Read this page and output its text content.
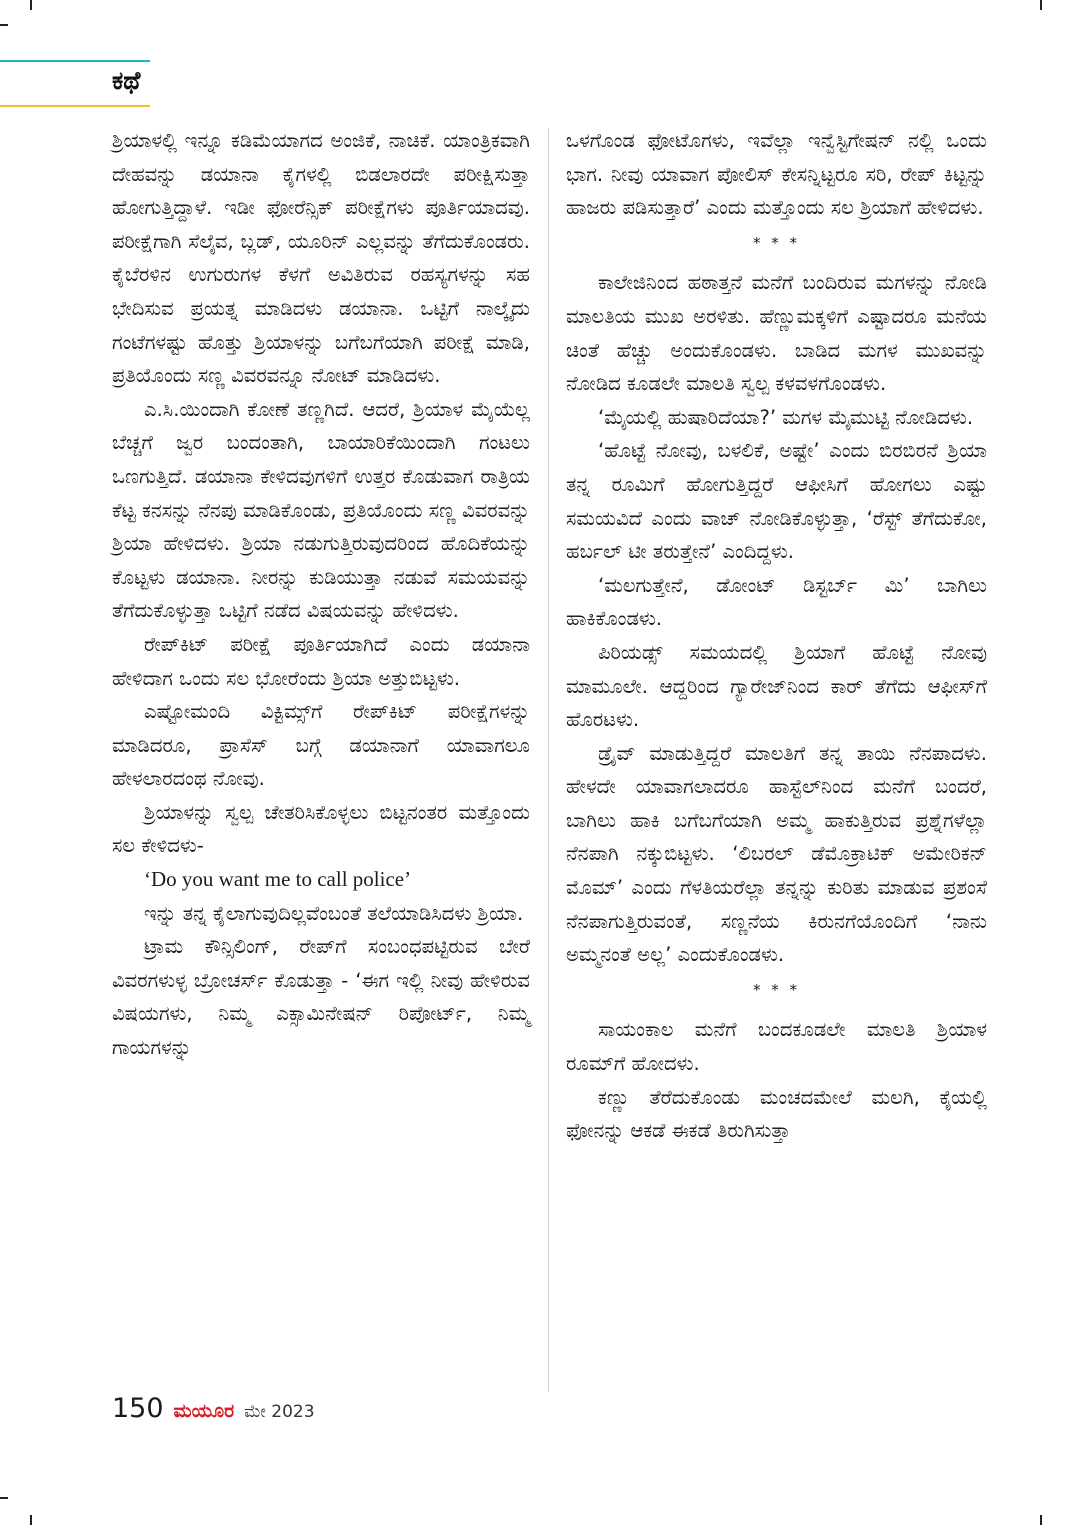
ಕಥೆ

ಶ್ರಿಯಾಳಲ್ಲಿ ಇನ್ನೂ ಕಡಿಮೆಯಾಗದ ಅಂಜಿಕೆ, ನಾಚಿಕೆ. ಯಾಂತ್ರಿಕವಾಗಿ ದೇಹವನ್ನು ಡಯಾನಾ ಕೈಗಳಲ್ಲಿ ಬಿಡಲಾರದೇ ಪರೀಕ್ಷಿಸುತ್ತಾ ಹೋಗುತ್ತಿದ್ದಾಳೆ. ಇಡೀ ಫೋರೆನ್ಸಿಕ್ ಪರೀಕ್ಷೆಗಳು ಪೂರ್ತಿಯಾದವು. ಪರೀಕ್ಷೆಗಾಗಿ ಸೆಲೈವ, ಬ್ಲಡ್, ಯೂರಿನ್ ಎಲ್ಲವನ್ನು ತೆಗೆದುಕೊಂಡರು. ಕೈಬೆರಳಿನ ಉಗುರುಗಳ ಕೆಳಗೆ ಅವಿತಿರುವ ರಹಸ್ಯಗಳನ್ನು ಸಹ ಭೇದಿಸುವ ಪ್ರಯತ್ನ ಮಾಡಿದಳು ಡಯಾನಾ. ಒಟ್ಟಿಗೆ ನಾಲ್ಕೈದು ಗಂಟೆಗಳಷ್ಟು ಹೊತ್ತು ಶ್ರಿಯಾಳನ್ನು ಬಗೆಬಗೆಯಾಗಿ ಪರೀಕ್ಷೆ ಮಾಡಿ, ಪ್ರತಿಯೊಂದು ಸಣ್ಣ ವಿವರವನ್ನೂ ನೋಟ್ ಮಾಡಿದಳು.

ಎ.ಸಿ.ಯಿಂದಾಗಿ ಕೋಣೆ ತಣ್ಣಗಿದೆ. ಆದರೆ, ಶ್ರಿಯಾಳ ಮೈಯೆಲ್ಲ ಬೆಚ್ಚಗೆ ಜ್ವರ ಬಂದಂತಾಗಿ, ಬಾಯಾರಿಕೆಯಿಂದಾಗಿ ಗಂಟಲು ಒಣಗುತ್ತಿದೆ. ಡಯಾನಾ ಕೇಳಿದವುಗಳಿಗೆ ಉತ್ತರ ಕೊಡುವಾಗ ರಾತ್ರಿಯ ಕೆಟ್ಟ ಕನಸನ್ನು ನೆನಪು ಮಾಡಿಕೊಂಡು, ಪ್ರತಿಯೊಂದು ಸಣ್ಣ ವಿವರವನ್ನು ಶ್ರಿಯಾ ಹೇಳಿದಳು. ಶ್ರಿಯಾ ನಡುಗುತ್ತಿರುವುದರಿಂದ ಹೊದಿಕೆಯನ್ನು ಕೊಟ್ಟಳು ಡಯಾನಾ. ನೀರನ್ನು ಕುಡಿಯುತ್ತಾ ನಡುವೆ ಸಮಯವನ್ನು ತೆಗೆದುಕೊಳ್ಳುತ್ತಾ ಒಟ್ಟಿಗೆ ನಡೆದ ವಿಷಯವನ್ನು ಹೇಳಿದಳು.

ರೇಪ್‌ಕಿಟ್ ಪರೀಕ್ಷೆ ಪೂರ್ತಿಯಾಗಿದೆ ಎಂದು ಡಯಾನಾ ಹೇಳಿದಾಗ ಒಂದು ಸಲ ಭೋರೆಂದು ಶ್ರಿಯಾ ಅತ್ತುಬಿಟ್ಟಳು.

ಎಷ್ಟೋಮಂದಿ ವಿಕ್ಟಿಮ್ಸ್‌ಗೆ ರೇಪ್‌ಕಿಟ್ ಪರೀಕ್ಷೆಗಳನ್ನು ಮಾಡಿದರೂ, ಪ್ರಾಸೆಸ್ ಬಗ್ಗೆ ಡಯಾನಾಗೆ ಯಾವಾಗಲೂ ಹೇಳಲಾರದಂಥ ನೋವು.

ಶ್ರಿಯಾಳನ್ನು ಸ್ವಲ್ಪ ಚೇತರಿಸಿಕೊಳ್ಳಲು ಬಿಟ್ಟನಂತರ ಮತ್ತೊಂದು ಸಲ ಕೇಳಿದಳು-

‘Do you want me to call police’

ಇನ್ನು ತನ್ನ ಕೈಲಾಗುವುದಿಲ್ಲವೆಂಬಂತೆ ತಲೆಯಾಡಿಸಿದಳು ಶ್ರಿಯಾ.

ಟ್ರಾಮ ಕೌನ್ಸಿಲಿಂಗ್, ರೇಪ್‌ಗೆ ಸಂಬಂಧಪಟ್ಟಿರುವ ಬೇರೆ ವಿವರಗಳುಳ್ಳ ಬ್ರೋಚರ್ಸ್ ಕೊಡುತ್ತಾ - ‘ಈಗ ಇಲ್ಲಿ ನೀವು ಹೇಳಿರುವ ವಿಷಯಗಳು, ನಿಮ್ಮ ಎಕ್ಸಾಮಿನೇಷನ್ ರಿಪೋರ್ಟ್, ನಿಮ್ಮ ಗಾಯಗಳನ್ನು

ಒಳಗೊಂಡ ಫೋಟೊಗಳು, ಇವೆಲ್ಲಾ ಇನ್ವೆಸ್ಟಿಗೇಷನ್ ನಲ್ಲಿ ಒಂದು ಭಾಗ. ನೀವು ಯಾವಾಗ ಪೋಲಿಸ್ ಕೇಸನ್ನಿಟ್ಟರೂ ಸರಿ, ರೇಪ್ ಕಿಟ್ಟನ್ನು ಹಾಜರು ಪಡಿಸುತ್ತಾರೆ’ ಎಂದು ಮತ್ತೊಂದು ಸಲ ಶ್ರಿಯಾಗೆ ಹೇಳಿದಳು.

* * *

ಕಾಲೇಜಿನಿಂದ ಹಠಾತ್ತನೆ ಮನೆಗೆ ಬಂದಿರುವ ಮಗಳನ್ನು ನೋಡಿ ಮಾಲತಿಯ ಮುಖ ಅರಳಿತು. ಹೆಣ್ಣುಮಕ್ಕಳಿಗೆ ಎಷ್ಟಾದರೂ ಮನೆಯ ಚಿಂತೆ ಹೆಚ್ಚು ಅಂದುಕೊಂಡಳು. ಬಾಡಿದ ಮಗಳ ಮುಖವನ್ನು ನೋಡಿದ ಕೂಡಲೇ ಮಾಲತಿ ಸ್ವಲ್ಪ ಕಳವಳಗೊಂಡಳು.

‘ಮೈಯಲ್ಲಿ ಹುಷಾರಿದೆಯಾ?’ ಮಗಳ ಮೈಮುಟ್ಟಿ ನೋಡಿದಳು.

‘ಹೊಟ್ಟೆ ನೋವು, ಬಳಲಿಕೆ, ಅಷ್ಟೇ’ ಎಂದು ಬಿರಬಿರನೆ ಶ್ರಿಯಾ ತನ್ನ ರೂಮಿಗೆ ಹೋಗುತ್ತಿದ್ದರೆ ಆಫೀಸಿಗೆ ಹೋಗಲು ಎಷ್ಟು ಸಮಯವಿದೆ ಎಂದು ವಾಚ್ ನೋಡಿಕೊಳ್ಳುತ್ತಾ, ‘ರೆಸ್ಟ್ ತೆಗೆದುಕೋ, ಹರ್ಬಲ್ ಟೀ ತರುತ್ತೇನೆ’ ಎಂದಿದ್ದಳು.

‘ಮಲಗುತ್ತೇನೆ, ಡೋಂಟ್ ಡಿಸ್ಟರ್ಬ್ ಮಿ’ ಬಾಗಿಲು ಹಾಕಿಕೊಂಡಳು.

ಪಿರಿಯಡ್ಸ್ ಸಮಯದಲ್ಲಿ ಶ್ರಿಯಾಗೆ ಹೊಟ್ಟೆ ನೋವು ಮಾಮೂಲೇ. ಆದ್ದರಿಂದ ಗ್ಯಾರೇಜ್‌ನಿಂದ ಕಾರ್ ತೆಗೆದು ಆಫೀಸ್‌ಗೆ ಹೊರಟಳು.

ಡ್ರೈವ್ ಮಾಡುತ್ತಿದ್ದರೆ ಮಾಲತಿಗೆ ತನ್ನ ತಾಯಿ ನೆನಪಾದಳು. ಹೇಳದೇ ಯಾವಾಗಲಾದರೂ ಹಾಸ್ಟೆಲ್‌ನಿಂದ ಮನೆಗೆ ಬಂದರೆ, ಬಾಗಿಲು ಹಾಕಿ ಬಗೆಬಗೆಯಾಗಿ ಅಮ್ಮ ಹಾಕುತ್ತಿರುವ ಪ್ರಶ್ನೆಗಳೆಲ್ಲಾ ನೆನಪಾಗಿ ನಕ್ಕುಬಿಟ್ಟಳು. ‘ಲಿಬರಲ್ ಡೆಮೊಕ್ರಾಟಿಕ್ ಅಮೇರಿಕನ್ ಮೊಮ್’ ಎಂದು ಗೆಳತಿಯರೆಲ್ಲಾ ತನ್ನನ್ನು ಕುರಿತು ಮಾಡುವ ಪ್ರಶಂಸೆ ನೆನಪಾಗುತ್ತಿರುವಂತೆ, ಸಣ್ಣನೆಯ ಕಿರುನಗೆಯೊಂದಿಗೆ ‘ನಾನು ಅಮ್ಮನಂತೆ ಅಲ್ಲ’ ಎಂದುಕೊಂಡಳು.

* * *

ಸಾಯಂಕಾಲ ಮನೆಗೆ ಬಂದಕೂಡಲೇ ಮಾಲತಿ ಶ್ರಿಯಾಳ ರೂಮ್‌ಗೆ ಹೋದಳು.

ಕಣ್ಣು ತೆರೆದುಕೊಂಡು ಮಂಚದಮೇಲೆ ಮಲಗಿ, ಕೈಯಲ್ಲಿ ಫೋನನ್ನು ಆಕಡೆ ಈಕಡೆ ತಿರುಗಿಸುತ್ತಾ

150 ಮಯೂರ ಮೇ 2023
